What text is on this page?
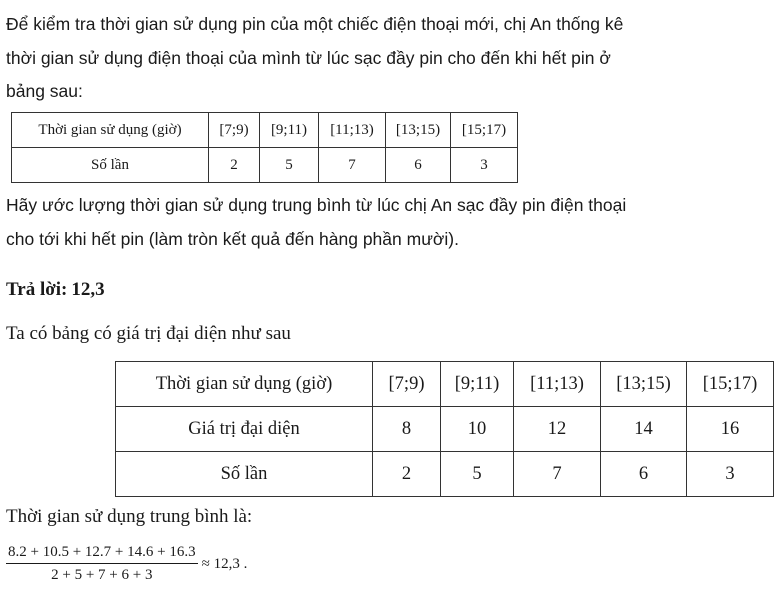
Để kiểm tra thời gian sử dụng pin của một chiếc điện thoại mới, chị An thống kê
thời gian sử dụng điện thoại của mình từ lúc sạc đầy pin cho đến khi hết pin ở
bảng sau:
Thời gian sử dụng (giờ)	[7;9)	[9;11)	[11;13)	[13;15)	[15;17)
Số lần	2	5	7	6	3
Hãy ước lượng thời gian sử dụng trung bình từ lúc chị An sạc đầy pin điện thoại
cho tới khi hết pin (làm tròn kết quả đến hàng phần mười).
Trả lời: 12,3
Ta có bảng có giá trị đại diện như sau
Thời gian sử dụng (giờ)	[7;9)	[9;11)	[11;13)	[13;15)	[15;17)
Giá trị đại diện	8	10	12	14	16
Số lần	2	5	7	6	3
Thời gian sử dụng trung bình là:
$\frac{8.2 + 10.5 + 12.7 + 14.6 + 16.3}{2 + 5 + 7 + 6 + 3} \approx 12,3$ .
